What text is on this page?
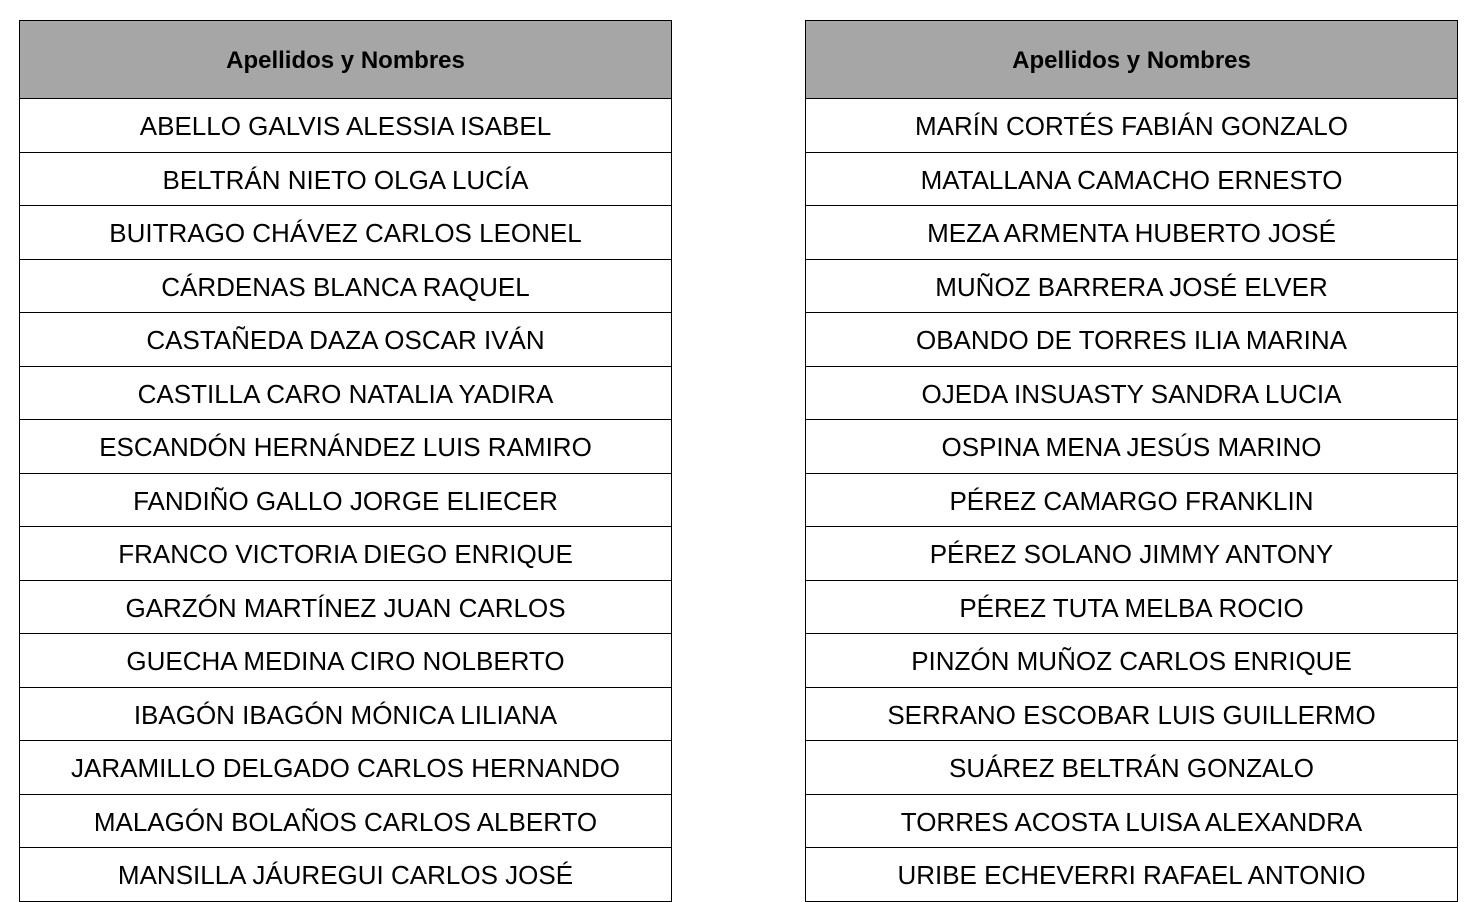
Apellidos y Nombres
ABELLO GALVIS ALESSIA ISABEL
BELTRÁN NIETO OLGA LUCÍA
BUITRAGO CHÁVEZ CARLOS LEONEL
CÁRDENAS BLANCA RAQUEL
CASTAÑEDA DAZA OSCAR IVÁN
CASTILLA CARO NATALIA YADIRA
ESCANDÓN HERNÁNDEZ LUIS RAMIRO
FANDIÑO GALLO JORGE ELIECER
FRANCO VICTORIA DIEGO ENRIQUE
GARZÓN MARTÍNEZ JUAN CARLOS
GUECHA MEDINA CIRO NOLBERTO
IBAGÓN IBAGÓN MÓNICA LILIANA
JARAMILLO DELGADO CARLOS HERNANDO
MALAGÓN BOLAÑOS CARLOS ALBERTO
MANSILLA JÁUREGUI CARLOS JOSÉ
Apellidos y Nombres
MARÍN CORTÉS FABIÁN GONZALO
MATALLANA CAMACHO ERNESTO
MEZA ARMENTA HUBERTO JOSÉ
MUÑOZ BARRERA JOSÉ ELVER
OBANDO DE TORRES ILIA MARINA
OJEDA INSUASTY SANDRA LUCIA
OSPINA MENA JESÚS MARINO
PÉREZ CAMARGO FRANKLIN
PÉREZ SOLANO JIMMY ANTONY
PÉREZ TUTA MELBA ROCIO
PINZÓN MUÑOZ CARLOS ENRIQUE
SERRANO ESCOBAR LUIS GUILLERMO
SUÁREZ BELTRÁN GONZALO
TORRES ACOSTA LUISA ALEXANDRA
URIBE ECHEVERRI RAFAEL ANTONIO
